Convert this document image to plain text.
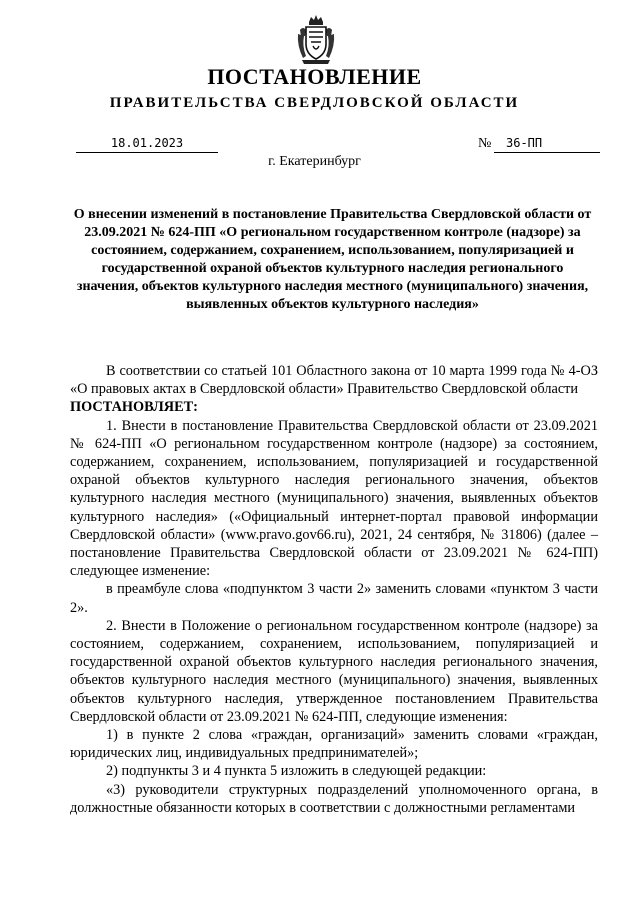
ПОСТАНОВЛЕНИЕ
ПРАВИТЕЛЬСТВА СВЕРДЛОВСКОЙ ОБЛАСТИ
18.01.2023	№	36-ПП
г. Екатеринбург
О внесении изменений в постановление Правительства Свердловской области от 23.09.2021 № 624-ПП «О региональном государственном контроле (надзоре) за состоянием, содержанием, сохранением, использованием, популяризацией и государственной охраной объектов культурного наследия регионального значения, объектов культурного наследия местного (муниципального) значения, выявленных объектов культурного наследия»

В соответствии со статьей 101 Областного закона от 10 марта 1999 года № 4-ОЗ «О правовых актах в Свердловской области» Правительство Свердловской области

ПОСТАНОВЛЯЕТ:

1. Внести в постановление Правительства Свердловской области от 23.09.2021 № 624-ПП «О региональном государственном контроле (надзоре) за состоянием, содержанием, сохранением, использованием, популяризацией и государственной охраной объектов культурного наследия регионального значения, объектов культурного наследия местного (муниципального) значения, выявленных объектов культурного наследия» («Официальный интернет-портал правовой информации Свердловской области» (www.pravo.gov66.ru), 2021, 24 сентября, № 31806) (далее – постановление Правительства Свердловской области от 23.09.2021 № 624-ПП) следующее изменение:

в преамбуле слова «подпунктом 3 части 2» заменить словами «пунктом 3 части 2».

2. Внести в Положение о региональном государственном контроле (надзоре) за состоянием, содержанием, сохранением, использованием, популяризацией и государственной охраной объектов культурного наследия регионального значения, объектов культурного наследия местного (муниципального) значения, выявленных объектов культурного наследия, утвержденное постановлением Правительства Свердловской области от 23.09.2021 № 624-ПП, следующие изменения:

1) в пункте 2 слова «граждан, организаций» заменить словами «граждан, юридических лиц, индивидуальных предпринимателей»;

2) подпункты 3 и 4 пункта 5 изложить в следующей редакции:

«3) руководители структурных подразделений уполномоченного органа, в должностные обязанности которых в соответствии с должностными регламентами
